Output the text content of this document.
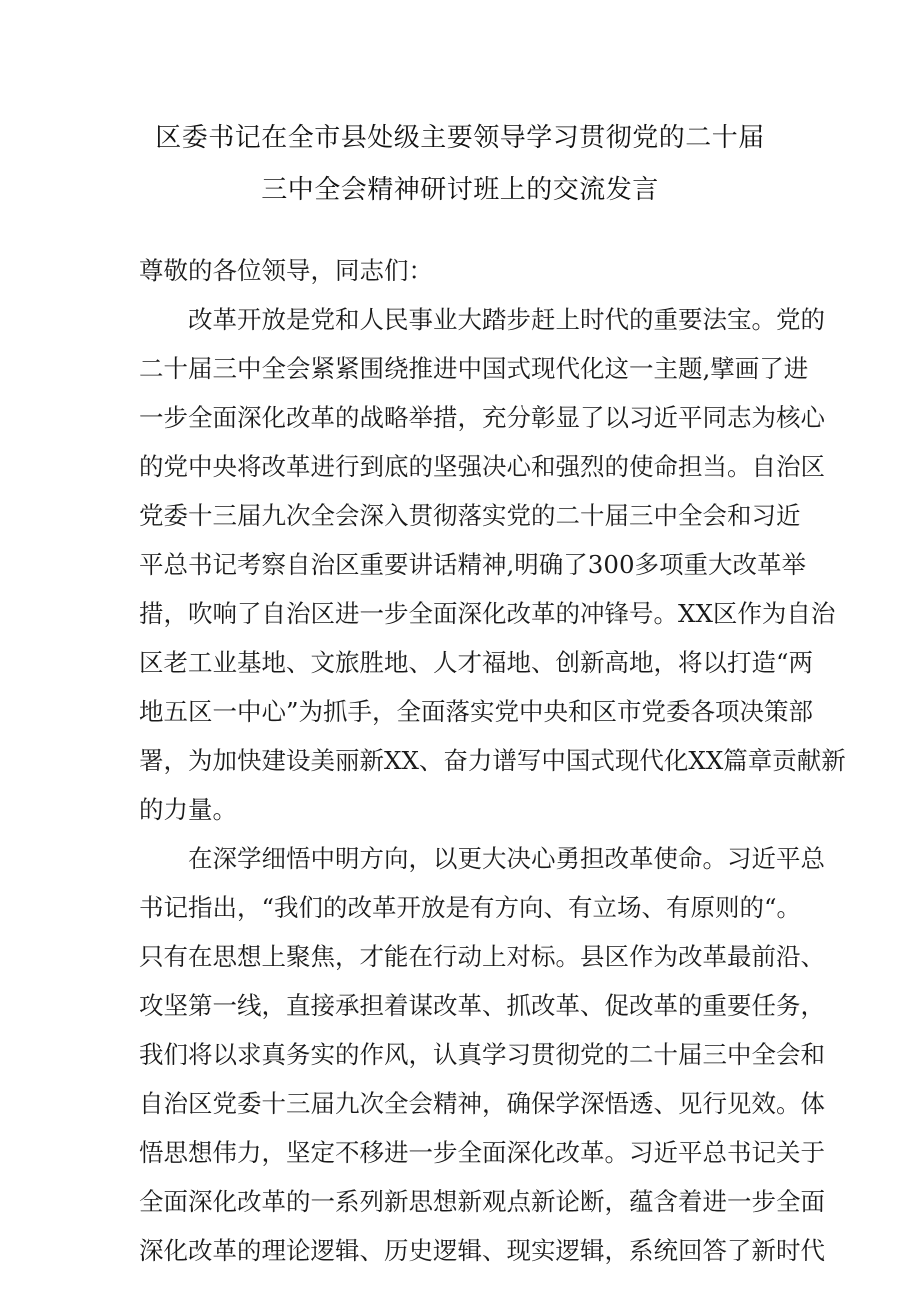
区委书记在全市县处级主要领导学习贯彻党的二十届
三中全会精神研讨班上的交流发言
尊敬的各位领导，同志们：
改革开放是党和人民事业大踏步赶上时代的重要法宝。党的
二十届三中全会紧紧围绕推进中国式现代化这一主题,擘画了进
一步全面深化改革的战略举措，充分彰显了以习近平同志为核心
的党中央将改革进行到底的坚强决心和强烈的使命担当。自治区
党委十三届九次全会深入贯彻落实党的二十届三中全会和习近
平总书记考察自治区重要讲话精神,明确了300多项重大改革举
措，吹响了自治区进一步全面深化改革的冲锋号。XX区作为自治
区老工业基地、文旅胜地、人才福地、创新高地，将以打造“两
地五区一中心”为抓手，全面落实党中央和区市党委各项决策部
署，为加快建设美丽新XX、奋力谱写中国式现代化XX篇章贡献新
的力量。
在深学细悟中明方向，以更大决心勇担改革使命。习近平总
书记指出，“我们的改革开放是有方向、有立场、有原则的“。
只有在思想上聚焦，才能在行动上对标。县区作为改革最前沿、
攻坚第一线，直接承担着谋改革、抓改革、促改革的重要任务，
我们将以求真务实的作风，认真学习贯彻党的二十届三中全会和
自治区党委十三届九次全会精神，确保学深悟透、见行见效。体
悟思想伟力，坚定不移进一步全面深化改革。习近平总书记关于
全面深化改革的一系列新思想新观点新论断，蕴含着进一步全面
深化改革的理论逻辑、历史逻辑、现实逻辑，系统回答了新时代
